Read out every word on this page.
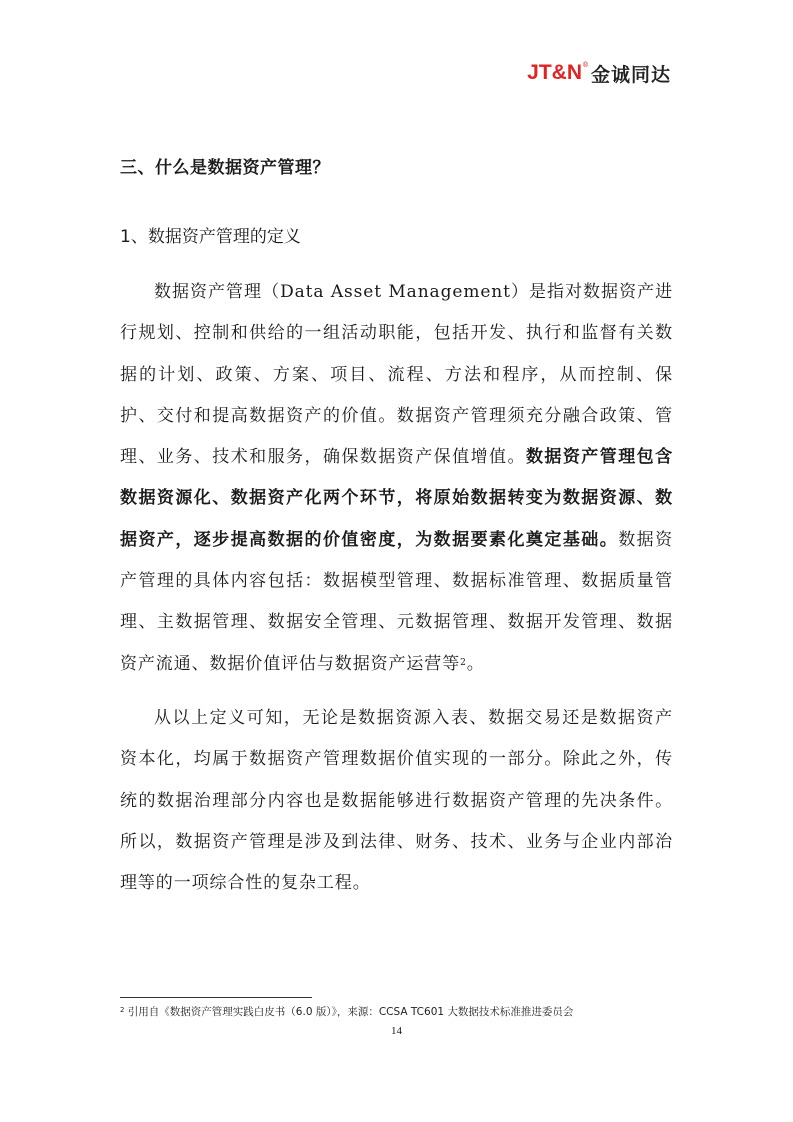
JT&N ® 金诚同达
三、什么是数据资产管理？
1、数据资产管理的定义

数据资产管理（Data Asset Management）是指对数据资产进行规划、控制和供给的一组活动职能，包括开发、执行和监督有关数据的计划、政策、方案、项目、流程、方法和程序，从而控制、保护、交付和提高数据资产的价值。数据资产管理须充分融合政策、管理、业务、技术和服务，确保数据资产保值增值。数据资产管理包含数据资源化、数据资产化两个环节，将原始数据转变为数据资源、数据资产，逐步提高数据的价值密度，为数据要素化奠定基础。数据资产管理的具体内容包括：数据模型管理、数据标准管理、数据质量管理、主数据管理、数据安全管理、元数据管理、数据开发管理、数据资产流通、数据价值评估与数据资产运营等$^2$。

从以上定义可知，无论是数据资源入表、数据交易还是数据资产资本化，均属于数据资产管理数据价值实现的一部分。除此之外，传统的数据治理部分内容也是数据能够进行数据资产管理的先决条件。所以，数据资产管理是涉及到法律、财务、技术、业务与企业内部治理等的一项综合性的复杂工程。

$^2$ 引用自《数据资产管理实践白皮书（6.0 版）》，来源：CCSA TC601 大数据技术标准推进委员会

14
